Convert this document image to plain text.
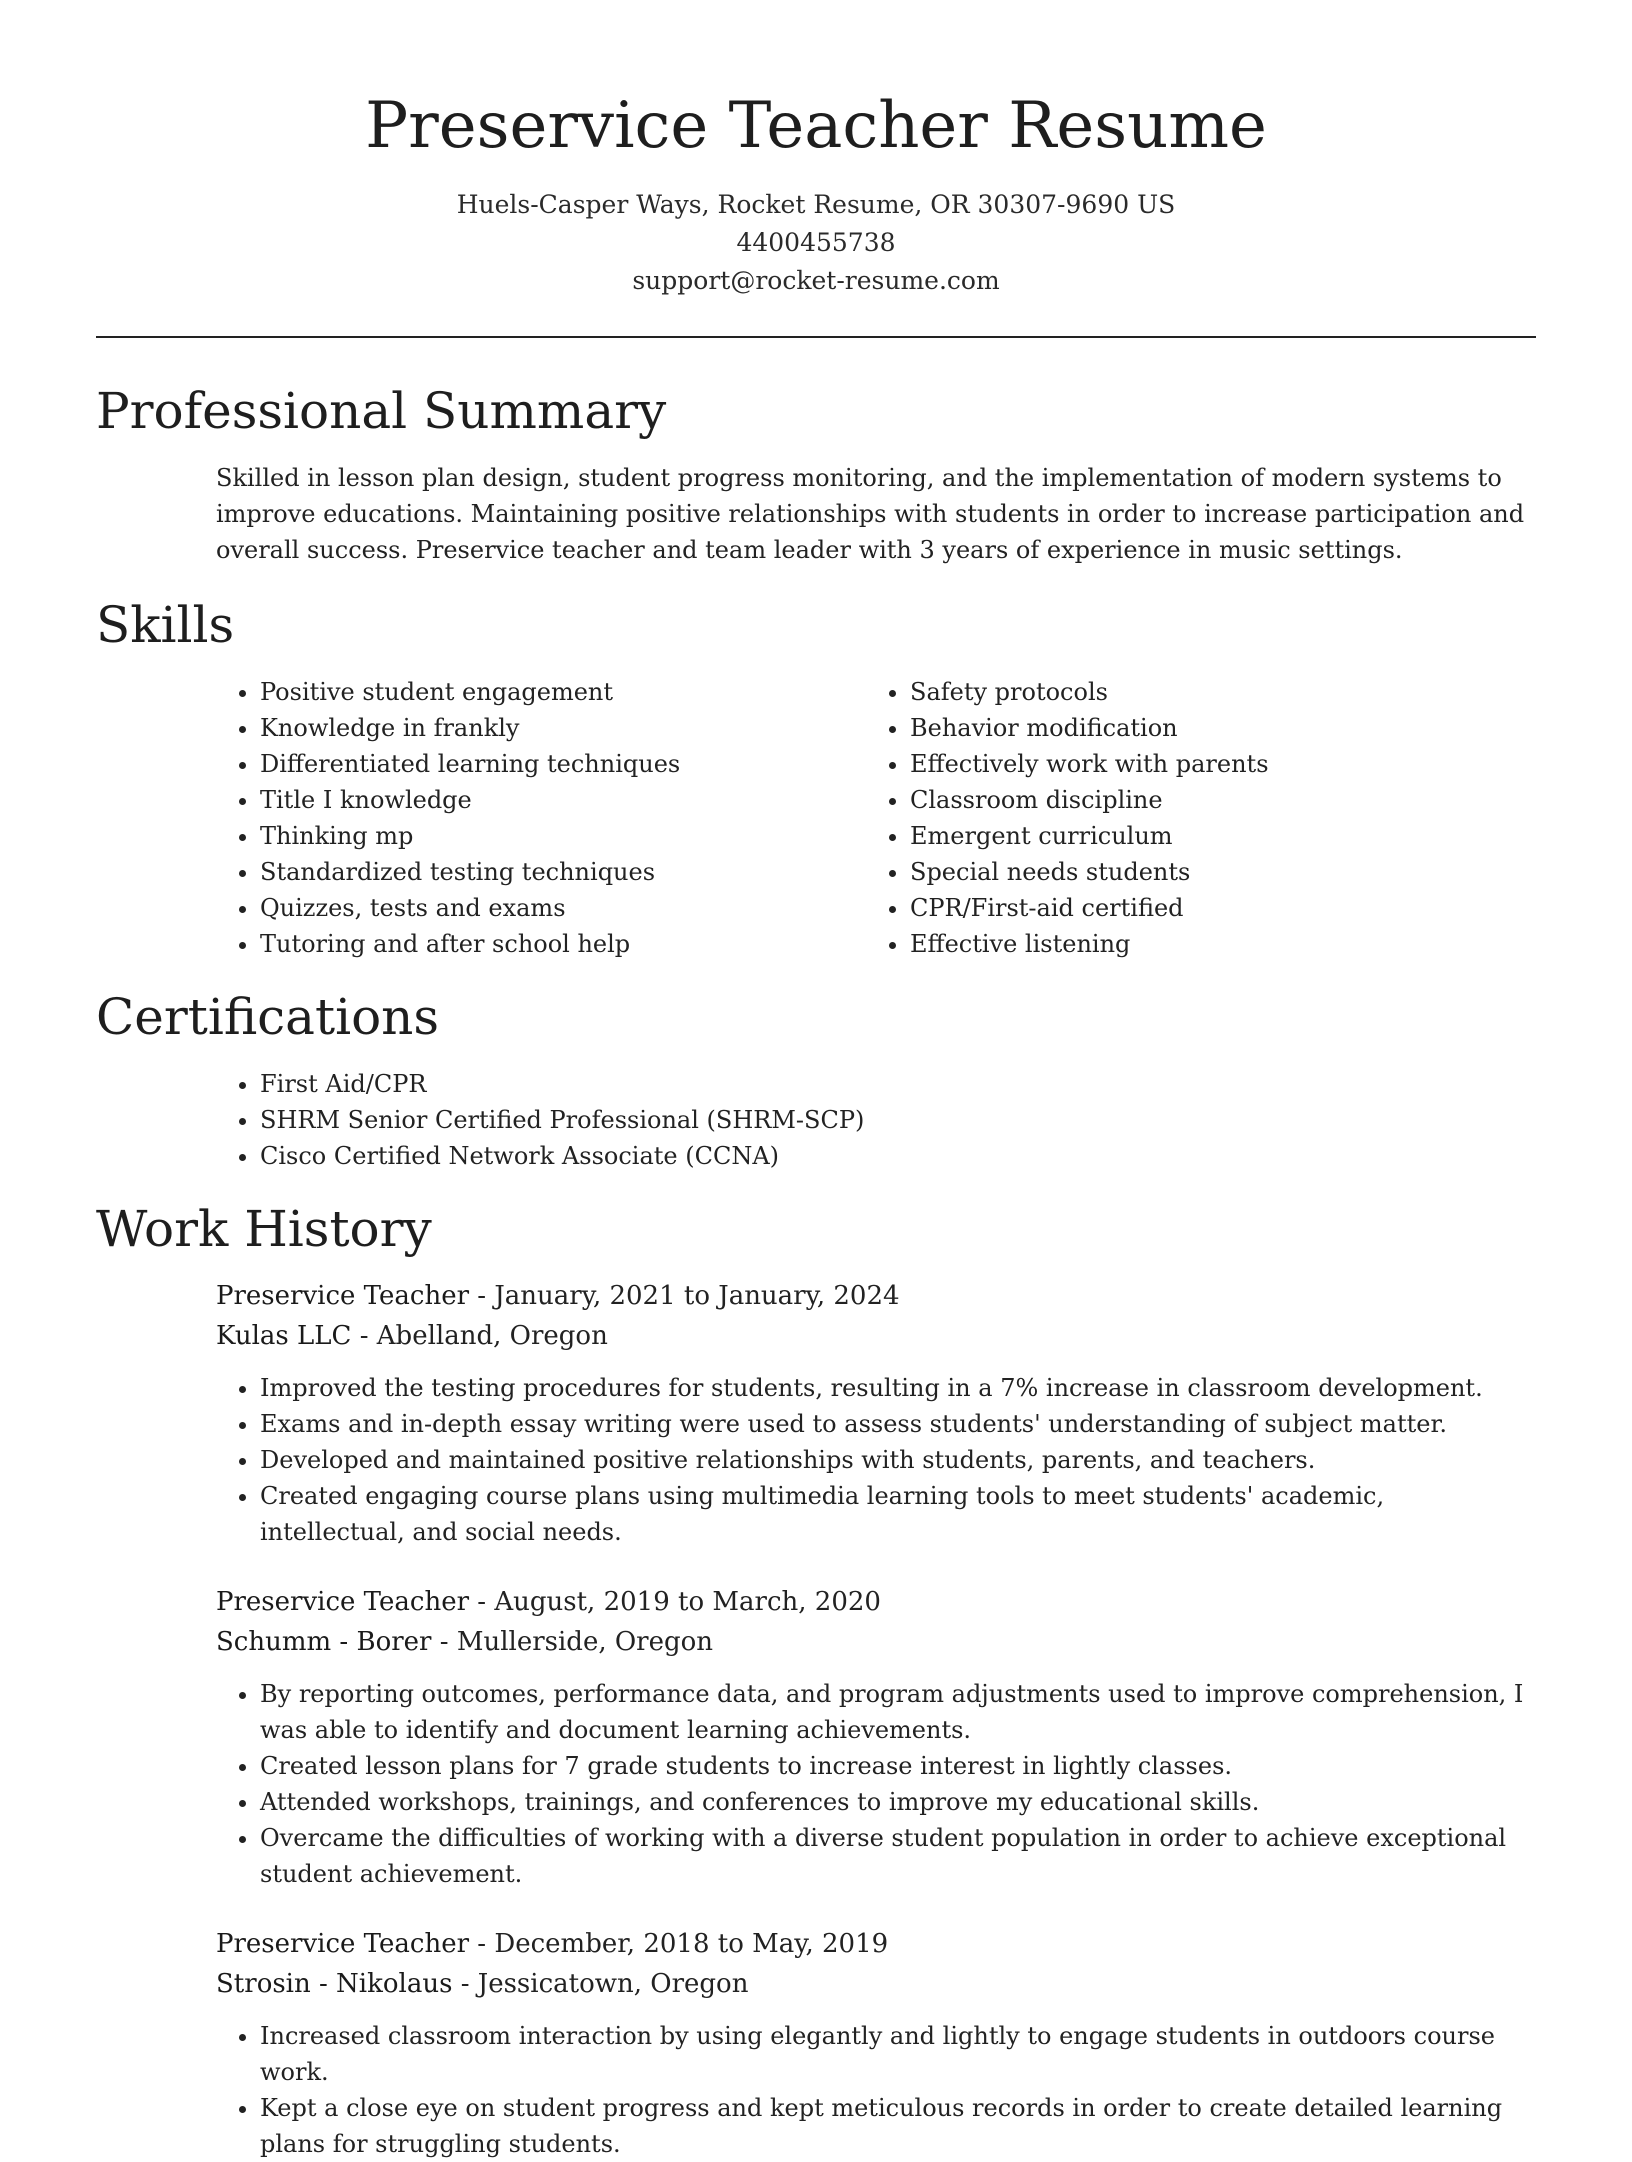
Preservice Teacher Resume
Huels-Casper Ways, Rocket Resume, OR 30307-9690 US
4400455738
support@rocket-resume.com
Professional Summary

Skilled in lesson plan design, student progress monitoring, and the implementation of modern systems to improve educations. Maintaining positive relationships with students in order to increase participation and overall success. Preservice teacher and team leader with 3 years of experience in music settings.

Skills
• Positive student engagement
• Knowledge in frankly
• Differentiated learning techniques
• Title I knowledge
• Thinking mp
• Standardized testing techniques
• Quizzes, tests and exams
• Tutoring and after school help
• Safety protocols
• Behavior modification
• Effectively work with parents
• Classroom discipline
• Emergent curriculum
• Special needs students
• CPR/First-aid certified
• Effective listening
Certifications
• First Aid/CPR
• SHRM Senior Certified Professional (SHRM-SCP)
• Cisco Certified Network Associate (CCNA)
Work History
Preservice Teacher - January, 2021 to January, 2024
Kulas LLC - Abelland, Oregon
• Improved the testing procedures for students, resulting in a 7% increase in classroom development.
• Exams and in-depth essay writing were used to assess students' understanding of subject matter.
• Developed and maintained positive relationships with students, parents, and teachers.
• Created engaging course plans using multimedia learning tools to meet students' academic, intellectual, and social needs.
Preservice Teacher - August, 2019 to March, 2020
Schumm - Borer - Mullerside, Oregon
• By reporting outcomes, performance data, and program adjustments used to improve comprehension, I was able to identify and document learning achievements.
• Created lesson plans for 7 grade students to increase interest in lightly classes.
• Attended workshops, trainings, and conferences to improve my educational skills.
• Overcame the difficulties of working with a diverse student population in order to achieve exceptional student achievement.
Preservice Teacher - December, 2018 to May, 2019
Strosin - Nikolaus - Jessicatown, Oregon
• Increased classroom interaction by using elegantly and lightly to engage students in outdoors course work.
• Kept a close eye on student progress and kept meticulous records in order to create detailed learning plans for struggling students.
